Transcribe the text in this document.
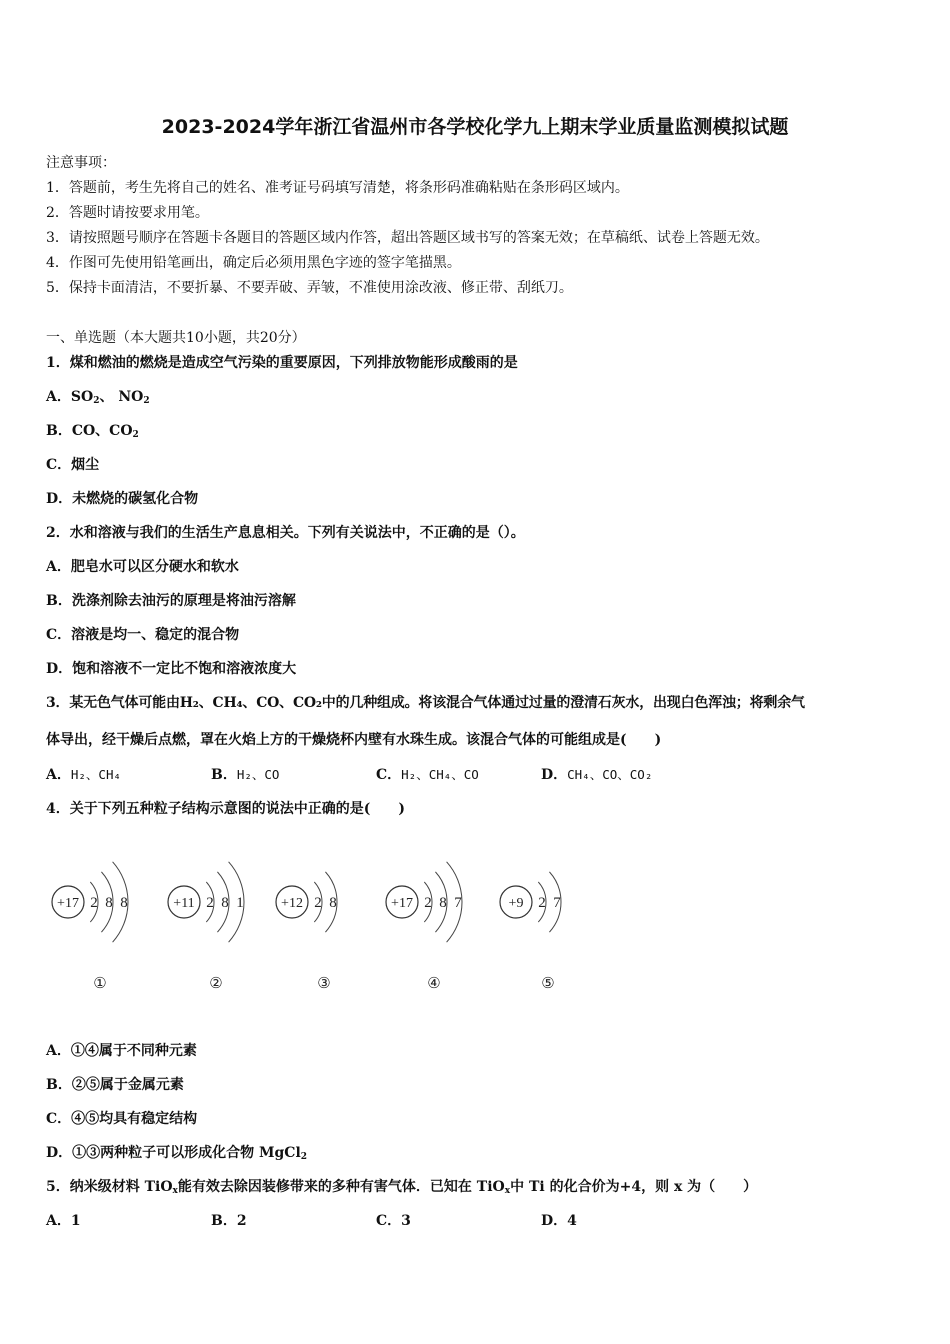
2023-2024学年浙江省温州市各学校化学九上期末学业质量监测模拟试题
注意事项：
1．答题前，考生先将自己的姓名、准考证号码填写清楚，将条形码准确粘贴在条形码区域内。
2．答题时请按要求用笔。
3．请按照题号顺序在答题卡各题目的答题区域内作答，超出答题区域书写的答案无效；在草稿纸、试卷上答题无效。
4．作图可先使用铅笔画出，确定后必须用黑色字迹的签字笔描黑。
5．保持卡面清洁，不要折暴、不要弄破、弄皱，不准使用涂改液、修正带、刮纸刀。
一、单选题（本大题共10小题，共20分）
1．煤和燃油的燃烧是造成空气污染的重要原因，下列排放物能形成酸雨的是
A．$SO_2$、 $NO_2$
B．CO、$CO_2$
C．烟尘
D．未燃烧的碳氢化合物
2．水和溶液与我们的生活生产息息相关。下列有关说法中，不正确的是（）。
A．肥皂水可以区分硬水和软水
B．洗涤剂除去油污的原理是将油污溶解
C．溶液是均一、稳定的混合物
D．饱和溶液不一定比不饱和溶液浓度大
3．某无色气体可能由H₂、CH₄、CO、CO₂中的几种组成。将该混合气体通过过量的澄清石灰水，出现白色浑浊；将剩余气
体导出，经干燥后点燃，罩在火焰上方的干燥烧杯内壁有水珠生成。该混合气体的可能组成是(　　)
A．H₂、CH₄	B．H₂、CO	C．H₂、CH₄、CO	D．CH₄、CO、CO₂
4．关于下列五种粒子结构示意图的说法中正确的是(　　)
+17 2 8 8
①
+11 2 8 1
②
+12 2 8
③
+17 2 8 7
④
+9 2 7
⑤
A．①④属于不同种元素
B．②⑤属于金属元素
C．④⑤均具有稳定结构
D．①③两种粒子可以形成化合物 MgCl$_2$
5．纳米级材料 TiO$_x$能有效去除因装修带来的多种有害气体．已知在 TiO$_x$中 Ti 的化合价为+4，则 x 为（　　）
A．1	B．2	C．3	D．4
